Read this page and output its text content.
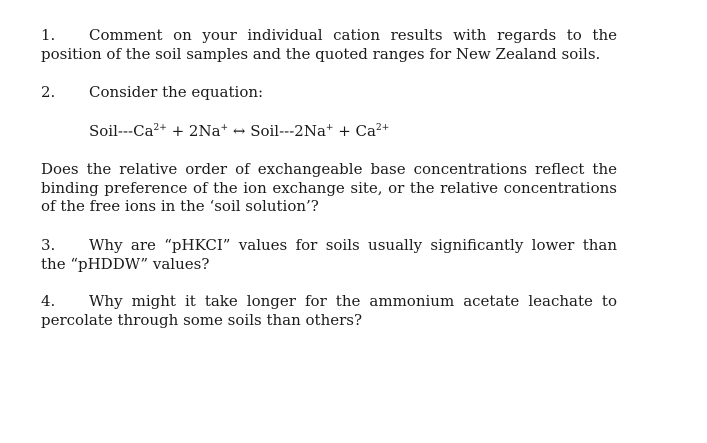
1. Comment on your individual cation results with regards to the
position of the soil samples and the quoted ranges for New Zealand soils.
2. Consider the equation:
Soil-$--Ca^{2+} + 2Na^+$ ↔ Soil---2Na+ + $Ca^{2+}$
Does the relative order of exchangeable base concentrations reflect the
binding preference of the ion exchange site, or the relative concentrations
of the free ions in the ‘soil solution’?
3. Why are “pHKCI” values for soils usually significantly lower than
the “pHDDW” values?
4. Why might it take longer for the ammonium acetate leachate to
percolate through some soils than others?
